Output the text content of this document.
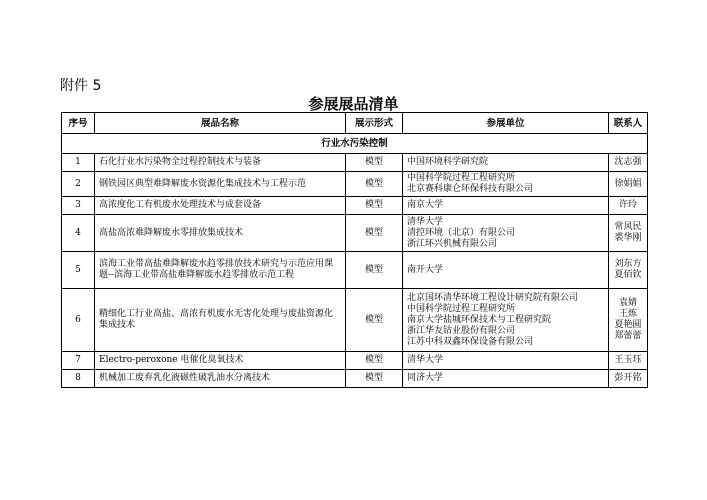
附件 5
参展展品清单
序号	展品名称	展示形式	参展单位	联系人
行业水污染控制				
1	石化行业水污染物全过程控制技术与装备	模型	中国环境科学研究院	沈志强

2	钢铁园区典型难降解废水资源化集成技术与工程示范	模型	中国科学院过程工程研究所
北京赛科康仑环保科技有限公司	徐娟娟

3	高浓度化工有机废水处理技术与成套设备	模型	南京大学	许玲

4	高盐高浓难降解废水零排放集成技术	模型	清华大学
清控环境（北京）有限公司
浙江环兴机械有限公司	常风民
裘华刚

5	滨海工业带高盐难降解废水趋零排放技术研究与示范应用课题--滨海工业带高盐难降解废水趋零排放示范工程	模型	南开大学	刘东方
夏佰钦

6	精细化工行业高盐、高浓有机废水无害化处理与废盐资源化集成技术	模型	北京国环清华环境工程设计研究院有限公司
中国科学院过程工程研究所
南京大学盐城环保技术与工程研究院
浙江华友钴业股份有限公司
江苏中科双鑫环保设备有限公司	袁婧
王炼
夏艳圆
郑蕾蕾

7	Electro-peroxone 电催化臭氧技术	模型	清华大学	王玉珏

8	机械加工废弃乳化液磁性破乳油水分离技术	模型	同济大学	彭开铭
